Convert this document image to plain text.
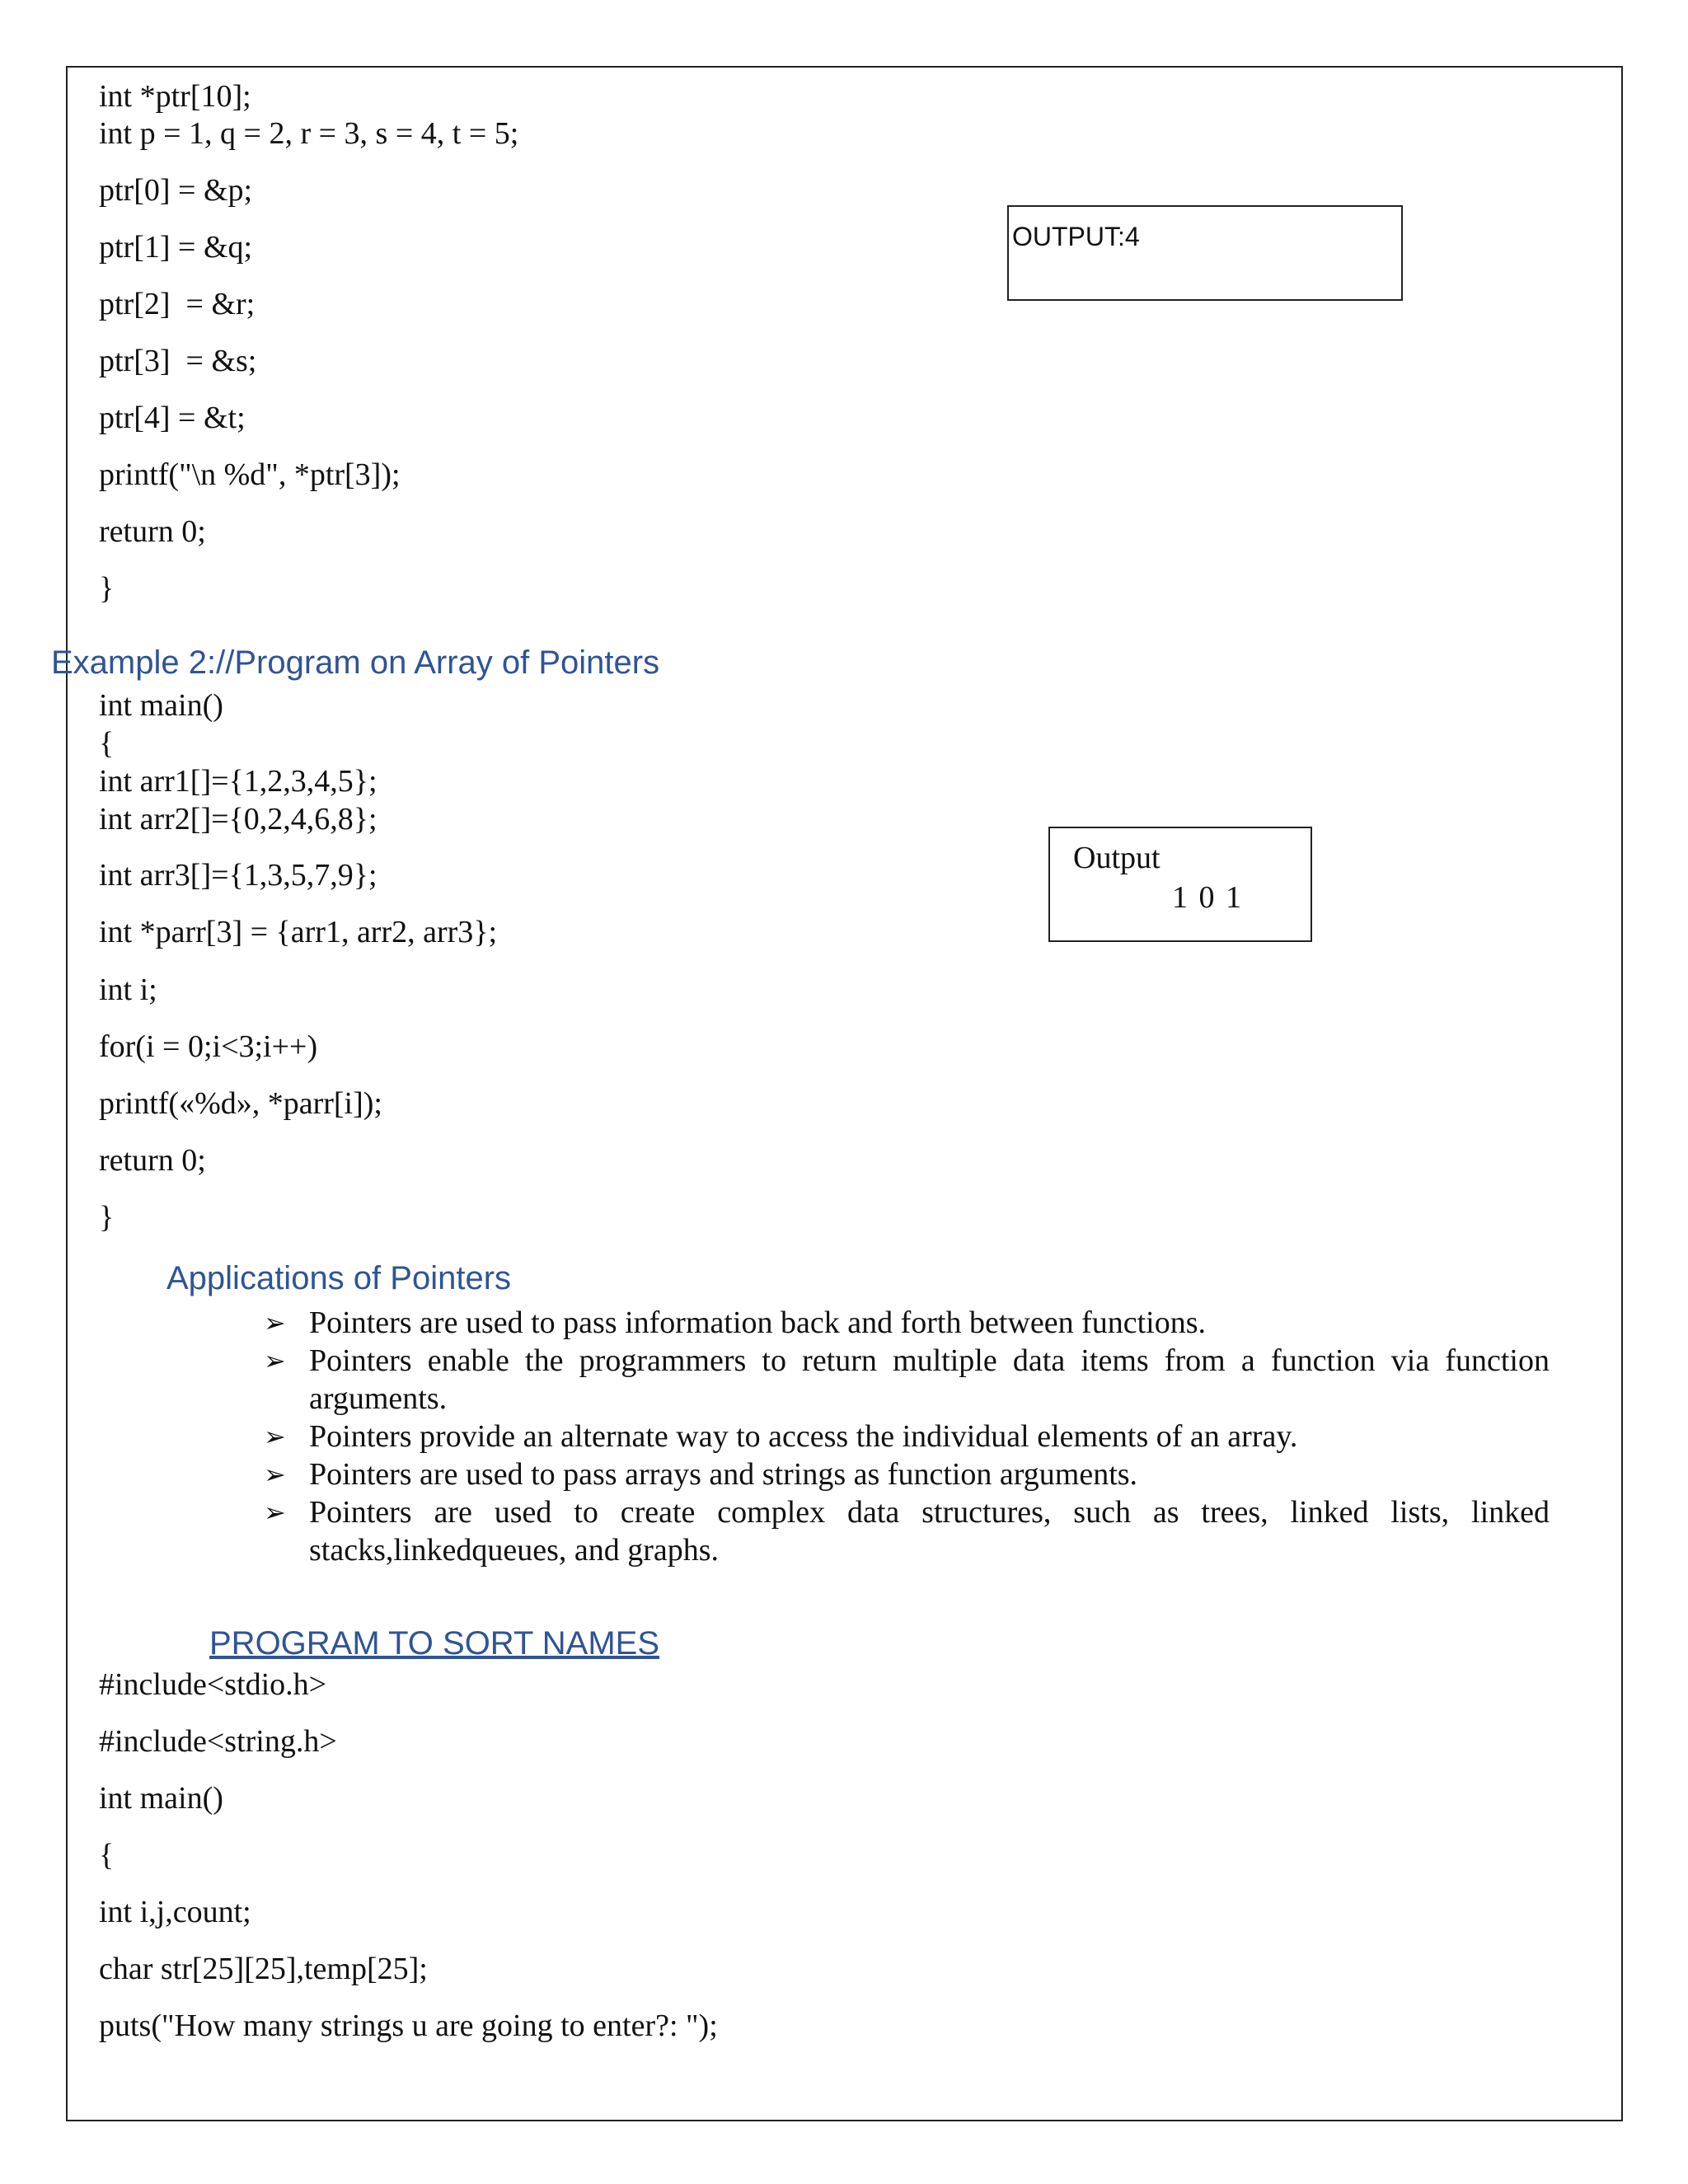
int *ptr[10];
int p = 1, q = 2, r = 3, s = 4, t = 5;
ptr[0] = &p;
ptr[1] = &q;
ptr[2]  = &r;
ptr[3]  = &s;
ptr[4] = &t;
printf("\n %d", *ptr[3]);
return 0;
}
OUTPUT:4
Example 2://Program on Array of Pointers
int main()
{
int arr1[]={1,2,3,4,5};
int arr2[]={0,2,4,6,8};
int arr3[]={1,3,5,7,9};
int *parr[3] = {arr1, arr2, arr3};
int i;
for(i = 0;i<3;i++)
printf(«%d», *parr[i]);
return 0;
}
Output
1 0 1
Applications of Pointers
➢ Pointers are used to pass information back and forth between functions.
➢ Pointers enable the programmers to return multiple data items from a function via function arguments.
➢ Pointers provide an alternate way to access the individual elements of an array.
➢ Pointers are used to pass arrays and strings as function arguments.
➢ Pointers are used to create complex data structures, such as trees, linked lists, linked stacks,linkedqueues, and graphs.
PROGRAM TO SORT NAMES
#include<stdio.h>
#include<string.h>
int main()
{
int i,j,count;
char str[25][25],temp[25];
puts("How many strings u are going to enter?: ");
